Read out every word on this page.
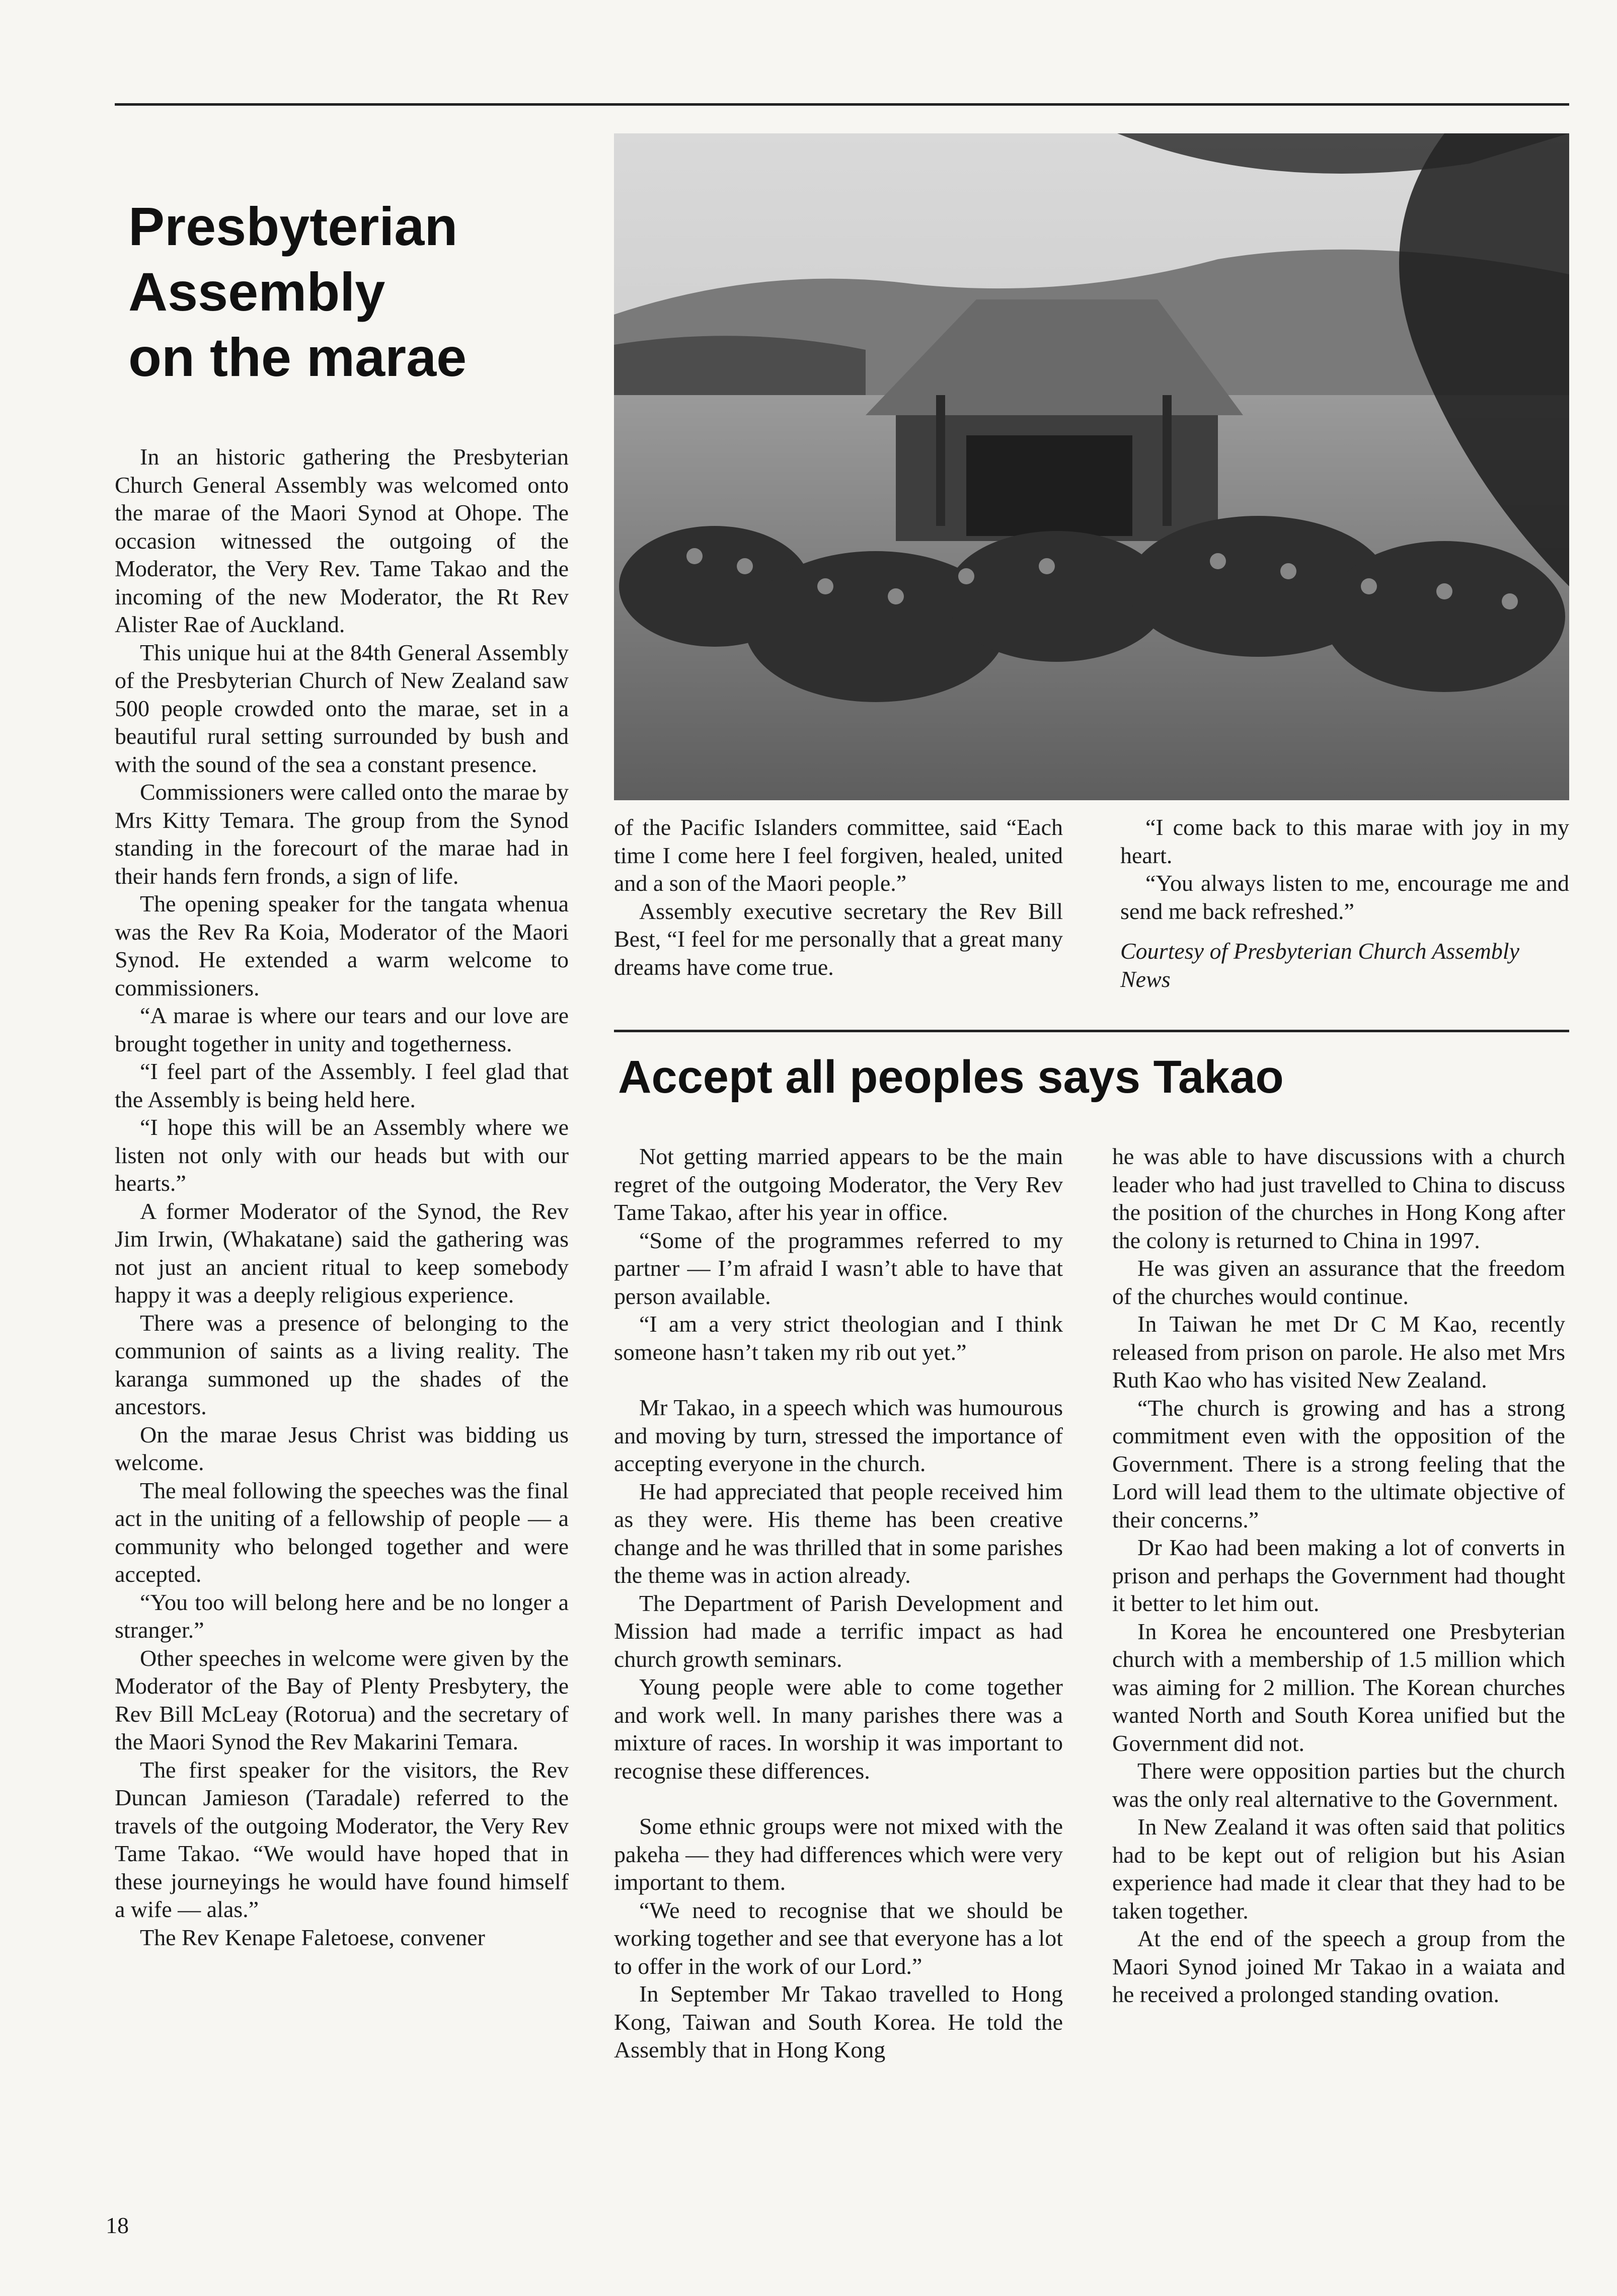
Presbyterian
Assembly
on the marae

In an historic gathering the Presbyterian Church General Assembly was welcomed onto the marae of the Maori Synod at Ohope. The occasion witnessed the outgoing of the Moderator, the Very Rev. Tame Takao and the incoming of the new Moderator, the Rt Rev Alister Rae of Auckland.

This unique hui at the 84th General Assembly of the Presbyterian Church of New Zealand saw 500 people crowded onto the marae, set in a beautiful rural setting surrounded by bush and with the sound of the sea a constant presence.

Commissioners were called onto the marae by Mrs Kitty Temara. The group from the Synod standing in the forecourt of the marae had in their hands fern fronds, a sign of life.

The opening speaker for the tangata whenua was the Rev Ra Koia, Moderator of the Maori Synod. He extended a warm welcome to commissioners.

“A marae is where our tears and our love are brought together in unity and togetherness.

“I feel part of the Assembly. I feel glad that the Assembly is being held here.

“I hope this will be an Assembly where we listen not only with our heads but with our hearts.”

A former Moderator of the Synod, the Rev Jim Irwin, (Whakatane) said the gathering was not just an ancient ritual to keep somebody happy it was a deeply religious experience.

There was a presence of belonging to the communion of saints as a living reality. The karanga summoned up the shades of the ancestors.

On the marae Jesus Christ was bidding us welcome.

The meal following the speeches was the final act in the uniting of a fellowship of people — a community who belonged together and were accepted.

“You too will belong here and be no longer a stranger.”

Other speeches in welcome were given by the Moderator of the Bay of Plenty Presbytery, the Rev Bill McLeay (Rotorua) and the secretary of the Maori Synod the Rev Makarini Temara.

The first speaker for the visitors, the Rev Duncan Jamieson (Taradale) referred to the travels of the outgoing Moderator, the Very Rev Tame Takao. “We would have hoped that in these journeyings he would have found himself a wife — alas.”

The Rev Kenape Faletoese, convener

of the Pacific Islanders committee, said “Each time I come here I feel forgiven, healed, united and a son of the Maori people.”

Assembly executive secretary the Rev Bill Best, “I feel for me personally that a great many dreams have come true.

“I come back to this marae with joy in my heart.

“You always listen to me, encourage me and send me back refreshed.”

Courtesy of Presbyterian Church Assembly News

Accept all peoples says Takao

Not getting married appears to be the main regret of the outgoing Moderator, the Very Rev Tame Takao, after his year in office.

“Some of the programmes referred to my partner — I’m afraid I wasn’t able to have that person available.

“I am a very strict theologian and I think someone hasn’t taken my rib out yet.”

Mr Takao, in a speech which was humourous and moving by turn, stressed the importance of accepting everyone in the church.

He had appreciated that people received him as they were. His theme has been creative change and he was thrilled that in some parishes the theme was in action already.

The Department of Parish Development and Mission had made a terrific impact as had church growth seminars.

Young people were able to come together and work well. In many parishes there was a mixture of races. In worship it was important to recognise these differences.

Some ethnic groups were not mixed with the pakeha — they had differences which were very important to them.

“We need to recognise that we should be working together and see that everyone has a lot to offer in the work of our Lord.”

In September Mr Takao travelled to Hong Kong, Taiwan and South Korea. He told the Assembly that in Hong Kong

he was able to have discussions with a church leader who had just travelled to China to discuss the position of the churches in Hong Kong after the colony is returned to China in 1997.

He was given an assurance that the freedom of the churches would continue.

In Taiwan he met Dr C M Kao, recently released from prison on parole. He also met Mrs Ruth Kao who has visited New Zealand.

“The church is growing and has a strong commitment even with the opposition of the Government. There is a strong feeling that the Lord will lead them to the ultimate objective of their concerns.”

Dr Kao had been making a lot of converts in prison and perhaps the Government had thought it better to let him out.

In Korea he encountered one Presbyterian church with a membership of 1.5 million which was aiming for 2 million. The Korean churches wanted North and South Korea unified but the Government did not.

There were opposition parties but the church was the only real alternative to the Government.

In New Zealand it was often said that politics had to be kept out of religion but his Asian experience had made it clear that they had to be taken together.

At the end of the speech a group from the Maori Synod joined Mr Takao in a waiata and he received a prolonged standing ovation.

18
